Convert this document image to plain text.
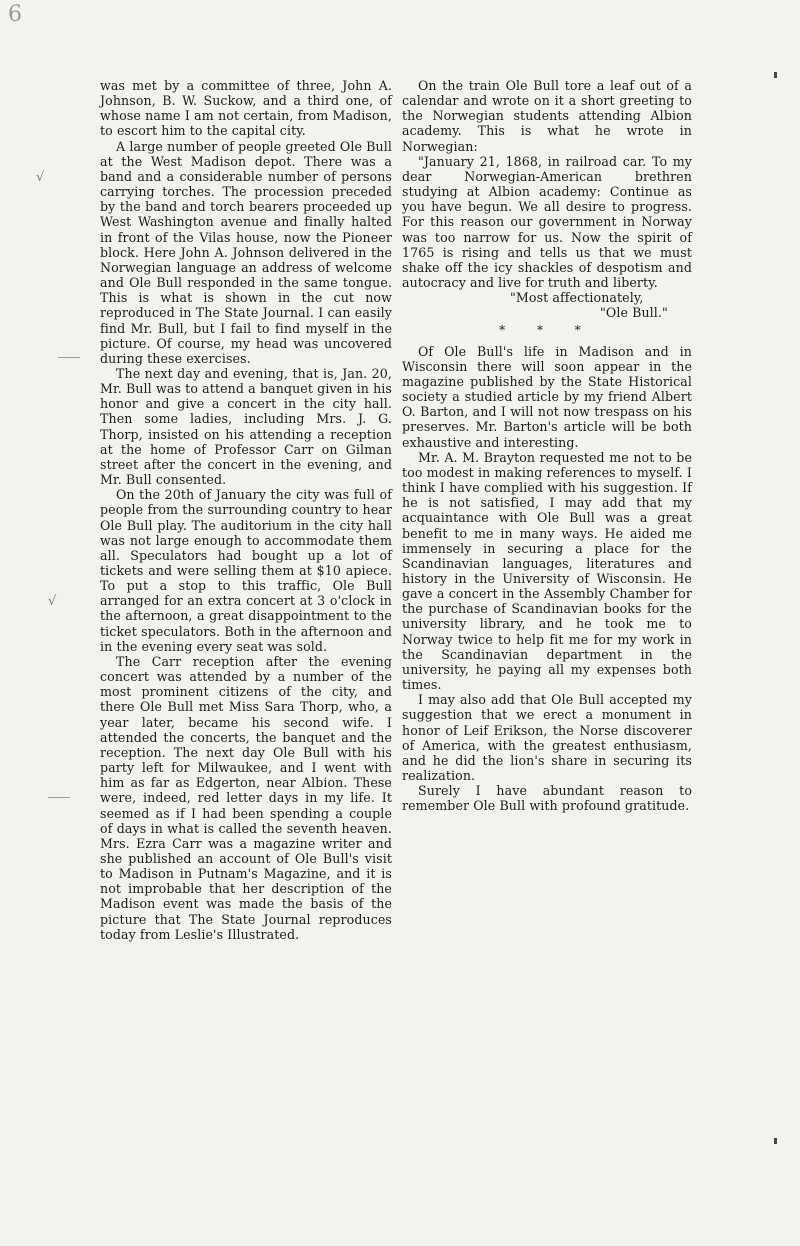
6
√
√

was met by a committee of three, John A. Johnson, B. W. Suckow, and a third one, of whose name I am not certain, from Madison, to escort him to the capital city.

A large number of people greeted Ole Bull at the West Madison depot. There was a band and a considerable number of persons carrying torches. The procession preceded by the band and torch bearers proceeded up West Washington avenue and finally halted in front of the Vilas house, now the Pioneer block. Here John A. Johnson delivered in the Norwegian language an address of welcome and Ole Bull responded in the same tongue. This is what is shown in the cut now reproduced in The State Journal. I can easily find Mr. Bull, but I fail to find myself in the picture. Of course, my head was uncovered during these exercises.

The next day and evening, that is, Jan. 20, Mr. Bull was to attend a banquet given in his honor and give a concert in the city hall. Then some ladies, including Mrs. J. G. Thorp, insisted on his attending a reception at the home of Professor Carr on Gilman street after the concert in the evening, and Mr. Bull consented.

On the 20th of January the city was full of people from the surrounding country to hear Ole Bull play. The auditorium in the city hall was not large enough to accommodate them all. Speculators had bought up a lot of tickets and were selling them at $10 apiece. To put a stop to this traffic, Ole Bull arranged for an extra concert at 3 o'clock in the afternoon, a great disappointment to the ticket speculators. Both in the afternoon and in the evening every seat was sold.

The Carr reception after the evening concert was attended by a number of the most prominent citizens of the city, and there Ole Bull met Miss Sara Thorp, who, a year later, became his second wife. I attended the concerts, the banquet and the reception. The next day Ole Bull with his party left for Milwaukee, and I went with him as far as Edgerton, near Albion. These were, indeed, red letter days in my life. It seemed as if I had been spending a couple of days in what is called the seventh heaven. Mrs. Ezra Carr was a magazine writer and she published an account of Ole Bull's visit to Madison in Putnam's Magazine, and it is not improbable that her description of the Madison event was made the basis of the picture that The State Journal reproduces today from Leslie's Illustrated.

On the train Ole Bull tore a leaf out of a calendar and wrote on it a short greeting to the Norwegian students attending Albion academy. This is what he wrote in Norwegian:

"January 21, 1868, in railroad car. To my dear Norwegian-American brethren studying at Albion academy: Continue as you have begun. We all desire to progress. For this reason our government in Norway was too narrow for us. Now the spirit of 1765 is rising and tells us that we must shake off the icy shackles of despotism and autocracy and live for truth and liberty.

"Most affectionately,

"Ole Bull."

* * *

Of Ole Bull's life in Madison and in Wisconsin there will soon appear in the magazine published by the State Historical society a studied article by my friend Albert O. Barton, and I will not now trespass on his preserves. Mr. Barton's article will be both exhaustive and interesting.

Mr. A. M. Brayton requested me not to be too modest in making references to myself. I think I have complied with his suggestion. If he is not satisfied, I may add that my acquaintance with Ole Bull was a great benefit to me in many ways. He aided me immensely in securing a place for the Scandinavian languages, literatures and history in the University of Wisconsin. He gave a concert in the Assembly Chamber for the purchase of Scandinavian books for the university library, and he took me to Norway twice to help fit me for my work in the Scandinavian department in the university, he paying all my expenses both times.

I may also add that Ole Bull accepted my suggestion that we erect a monument in honor of Leif Erikson, the Norse discoverer of America, with the greatest enthusiasm, and he did the lion's share in securing its realization.

Surely I have abundant reason to remember Ole Bull with profound gratitude.
